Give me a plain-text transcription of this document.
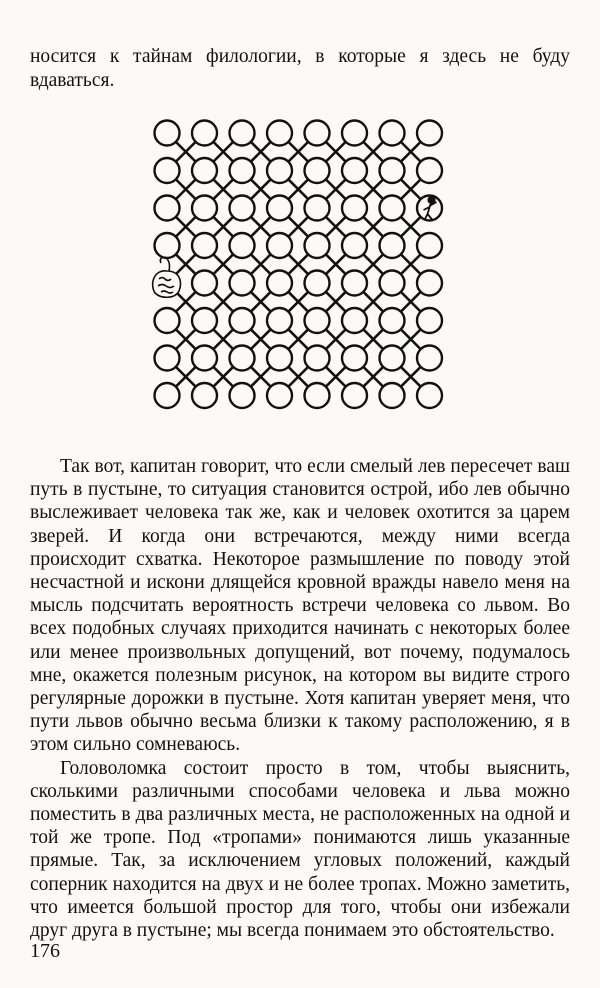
носится к тайнам филологии, в которые я здесь не буду вдаваться.

Так вот, капитан говорит, что если смелый лев пересечет ваш путь в пустыне, то ситуация становится острой, ибо лев обычно выслеживает человека так же, как и человек охотится за царем зверей. И когда они встречаются, между ними всегда происходит схватка. Некоторое размышление по поводу этой несчастной и искони длящейся кровной вражды навело меня на мысль подсчитать вероятность встречи человека со львом. Во всех подобных случаях приходится начинать с некоторых более или менее произвольных допущений, вот почему, подумалось мне, окажется полезным рисунок, на котором вы видите строго регулярные дорожки в пустыне. Хотя капитан уверяет меня, что пути львов обычно весьма близки к такому расположению, я в этом сильно сомневаюсь.

Головоломка состоит просто в том, чтобы выяснить, сколькими различными способами человека и льва можно поместить в два различных места, не расположенных на одной и той же тропе. Под «тропами» понимаются лишь указанные прямые. Так, за исключением угловых положений, каждый соперник находится на двух и не более тропах. Можно заметить, что имеется большой простор для того, чтобы они избежали друг друга в пустыне; мы всегда понимаем это обстоятельство.

176
